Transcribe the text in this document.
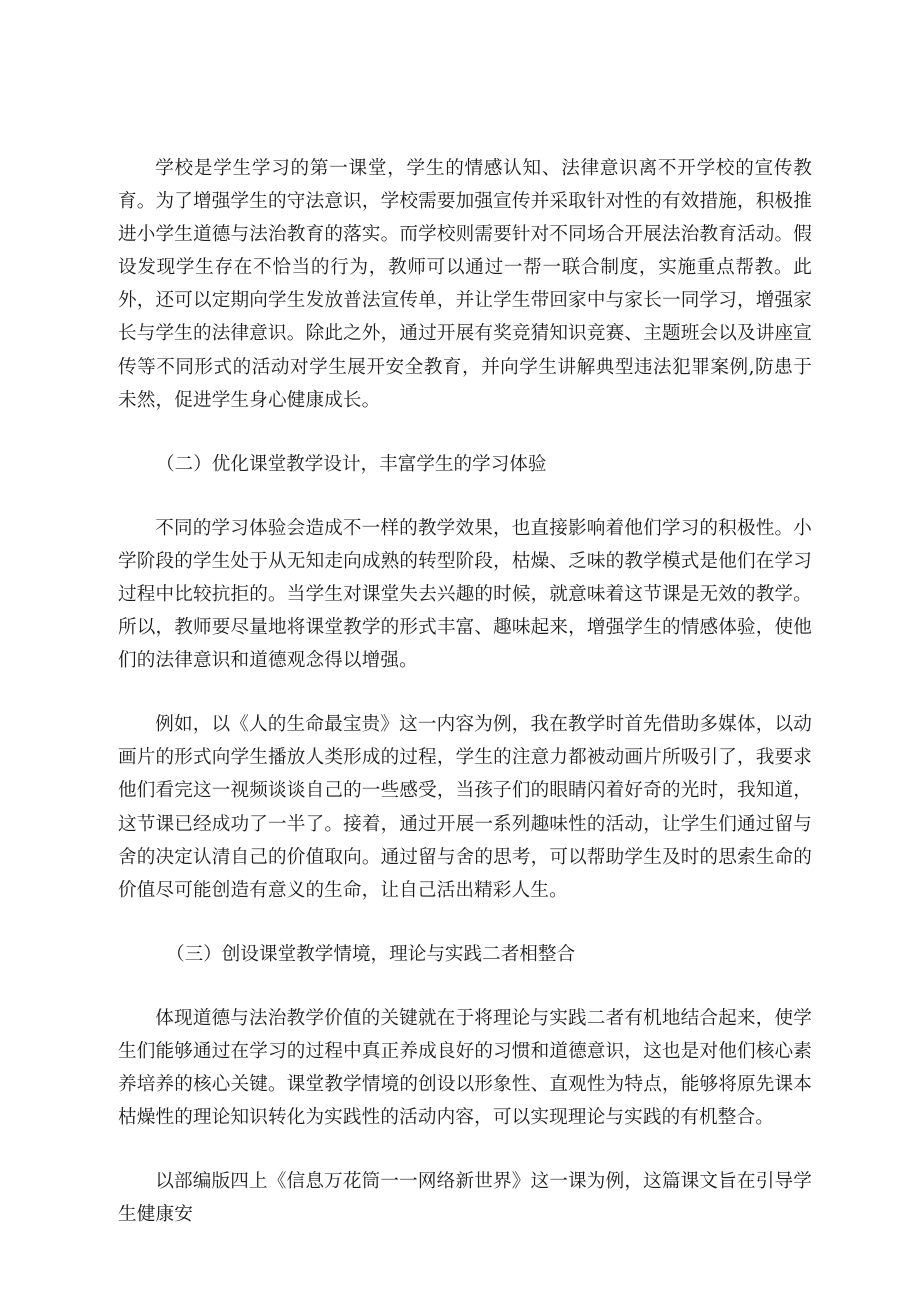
学校是学生学习的第一课堂，学生的情感认知、法律意识离不开学校的宣传教育。为了增强学生的守法意识，学校需要加强宣传并采取针对性的有效措施，积极推进小学生道德与法治教育的落实。而学校则需要针对不同场合开展法治教育活动。假设发现学生存在不恰当的行为，教师可以通过一帮一联合制度，实施重点帮教。此外，还可以定期向学生发放普法宣传单，并让学生带回家中与家长一同学习，增强家长与学生的法律意识。除此之外，通过开展有奖竞猜知识竞赛、主题班会以及讲座宣传等不同形式的活动对学生展开安全教育，并向学生讲解典型违法犯罪案例,防患于未然，促进学生身心健康成长。

（二）优化课堂教学设计，丰富学生的学习体验

不同的学习体验会造成不一样的教学效果，也直接影响着他们学习的积极性。小学阶段的学生处于从无知走向成熟的转型阶段，枯燥、乏味的教学模式是他们在学习过程中比较抗拒的。当学生对课堂失去兴趣的时候，就意味着这节课是无效的教学。所以，教师要尽量地将课堂教学的形式丰富、趣味起来，增强学生的情感体验，使他们的法律意识和道德观念得以增强。

例如，以《人的生命最宝贵》这一内容为例，我在教学时首先借助多媒体，以动画片的形式向学生播放人类形成的过程，学生的注意力都被动画片所吸引了，我要求他们看完这一视频谈谈自己的一些感受，当孩子们的眼睛闪着好奇的光时，我知道，这节课已经成功了一半了。接着，通过开展一系列趣味性的活动，让学生们通过留与舍的决定认清自己的价值取向。通过留与舍的思考，可以帮助学生及时的思索生命的价值尽可能创造有意义的生命，让自己活出精彩人生。

（三）创设课堂教学情境，理论与实践二者相整合

体现道德与法治教学价值的关键就在于将理论与实践二者有机地结合起来，使学生们能够通过在学习的过程中真正养成良好的习惯和道德意识，这也是对他们核心素养培养的核心关键。课堂教学情境的创设以形象性、直观性为特点，能够将原先课本枯燥性的理论知识转化为实践性的活动内容，可以实现理论与实践的有机整合。

以部编版四上《信息万花筒一一网络新世界》这一课为例，这篇课文旨在引导学生健康安
